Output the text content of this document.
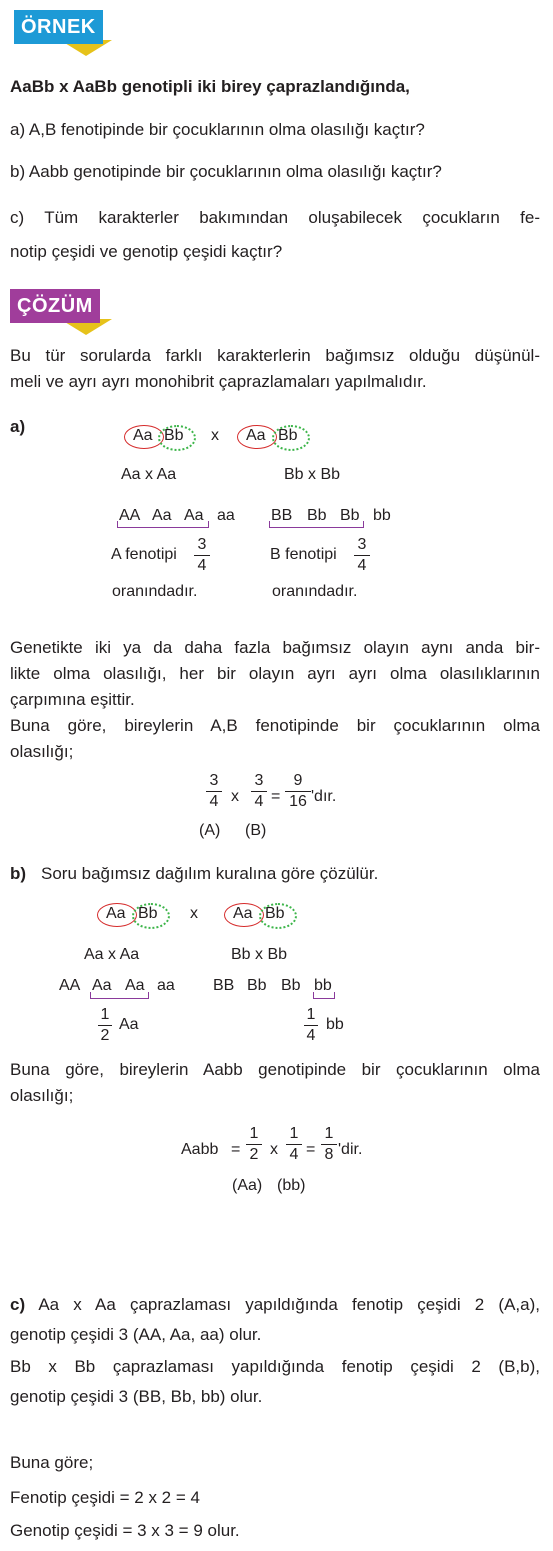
ÖRNEK
AaBb x AaBb genotipli iki birey çaprazlandığında,
a) A,B fenotipinde bir çocuklarının olma olasılığı kaçtır?
b) Aabb genotipinde bir çocuklarının olma olasılığı kaçtır?
c) Tüm karakterler bakımından oluşabilecek çocukların fe-
notip çeşidi ve genotip çeşidi kaçtır?
ÇÖZÜM
Bu tür sorularda farklı karakterlerin bağımsız olduğu düşünül-
meli ve ayrı ayrı monohibrit çaprazlamaları yapılmalıdır.
a)	Aa Bb x Aa Bb
Aa x Aa	Bb x Bb
AA Aa Aa aa BB Bb Bb bb
A fenotipi
3
4
B fenotipi
3
4
oranındadır.	oranındadır.
Genetikte iki ya da daha fazla bağımsız olayın aynı anda bir-
likte olma olasılığı, her bir olayın ayrı ayrı olma olasılıklarının
çarpımına eşittir.
Buna göre, bireylerin A,B fenotipinde bir çocuklarının olma
olasılığı;
3
4 x
3
4 =
9
16 'dır.
(A) (B)
b) Soru bağımsız dağılım kuralına göre çözülür.
Aa Bb x Aa Bb
Aa x Aa	Bb x Bb
AA Aa Aa aa BB Bb Bb bb
1
2
Aa
1
4
bb
Buna göre, bireylerin Aabb genotipinde bir çocuklarının olma
olasılığı;
Aabb =
1
2 x
1
4 =
1
8 'dir.
(Aa) (bb)
c) Aa x Aa çaprazlaması yapıldığında fenotip çeşidi 2 (A,a),
genotip çeşidi 3 (AA, Aa, aa) olur.
Bb x Bb çaprazlaması yapıldığında fenotip çeşidi 2 (B,b),
genotip çeşidi 3 (BB, Bb, bb) olur.
Buna göre;
Fenotip çeşidi = 2 x 2 = 4
Genotip çeşidi = 3 x 3 = 9 olur.
